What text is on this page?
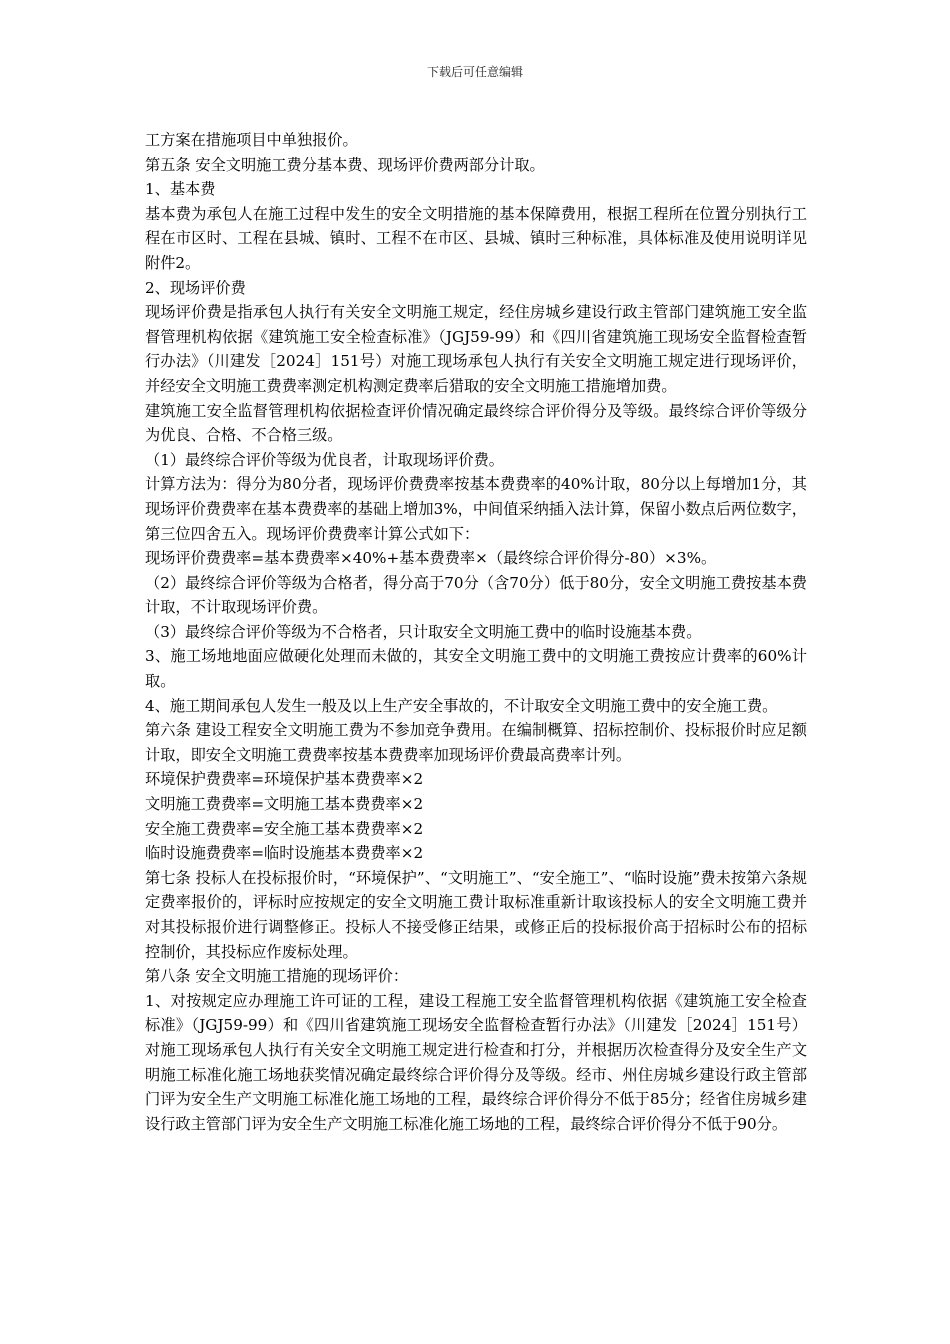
下载后可任意编辑

工方案在措施项目中单独报价。

第五条 安全文明施工费分基本费、现场评价费两部分计取。

1、基本费

基本费为承包人在施工过程中发生的安全文明措施的基本保障费用，根据工程所在位置分别执行工程在市区时、工程在县城、镇时、工程不在市区、县城、镇时三种标准，具体标准及使用说明详见附件2。

2、现场评价费

现场评价费是指承包人执行有关安全文明施工规定，经住房城乡建设行政主管部门建筑施工安全监督管理机构依据《建筑施工安全检查标准》（JGJ59-99）和《四川省建筑施工现场安全监督检查暂行办法》（川建发［2024］151号）对施工现场承包人执行有关安全文明施工规定进行现场评价，并经安全文明施工费费率测定机构测定费率后猎取的安全文明施工措施增加费。

建筑施工安全监督管理机构依据检查评价情况确定最终综合评价得分及等级。最终综合评价等级分为优良、合格、不合格三级。

（1）最终综合评价等级为优良者，计取现场评价费。

计算方法为：得分为80分者，现场评价费费率按基本费费率的40%计取，80分以上每增加1分，其现场评价费费率在基本费费率的基础上增加3%，中间值采纳插入法计算，保留小数点后两位数字，第三位四舍五入。现场评价费费率计算公式如下：

现场评价费费率=基本费费率×40%+基本费费率×（最终综合评价得分-80）×3%。

（2）最终综合评价等级为合格者，得分高于70分（含70分）低于80分，安全文明施工费按基本费计取，不计取现场评价费。

（3）最终综合评价等级为不合格者，只计取安全文明施工费中的临时设施基本费。

3、施工场地地面应做硬化处理而未做的，其安全文明施工费中的文明施工费按应计费率的60%计取。

4、施工期间承包人发生一般及以上生产安全事故的，不计取安全文明施工费中的安全施工费。

第六条 建设工程安全文明施工费为不参加竞争费用。在编制概算、招标控制价、投标报价时应足额计取，即安全文明施工费费率按基本费费率加现场评价费最高费率计列。

环境保护费费率=环境保护基本费费率×2

文明施工费费率=文明施工基本费费率×2

安全施工费费率=安全施工基本费费率×2

临时设施费费率=临时设施基本费费率×2

第七条 投标人在投标报价时，“环境保护”、“文明施工”、“安全施工”、“临时设施”费未按第六条规定费率报价的，评标时应按规定的安全文明施工费计取标准重新计取该投标人的安全文明施工费并对其投标报价进行调整修正。投标人不接受修正结果，或修正后的投标报价高于招标时公布的招标控制价，其投标应作废标处理。

第八条 安全文明施工措施的现场评价：

1、对按规定应办理施工许可证的工程，建设工程施工安全监督管理机构依据《建筑施工安全检查标准》（JGJ59-99）和《四川省建筑施工现场安全监督检查暂行办法》（川建发［2024］151号）对施工现场承包人执行有关安全文明施工规定进行检查和打分，并根据历次检查得分及安全生产文明施工标准化施工场地获奖情况确定最终综合评价得分及等级。经市、州住房城乡建设行政主管部门评为安全生产文明施工标准化施工场地的工程，最终综合评价得分不低于85分；经省住房城乡建设行政主管部门评为安全生产文明施工标准化施工场地的工程，最终综合评价得分不低于90分。
